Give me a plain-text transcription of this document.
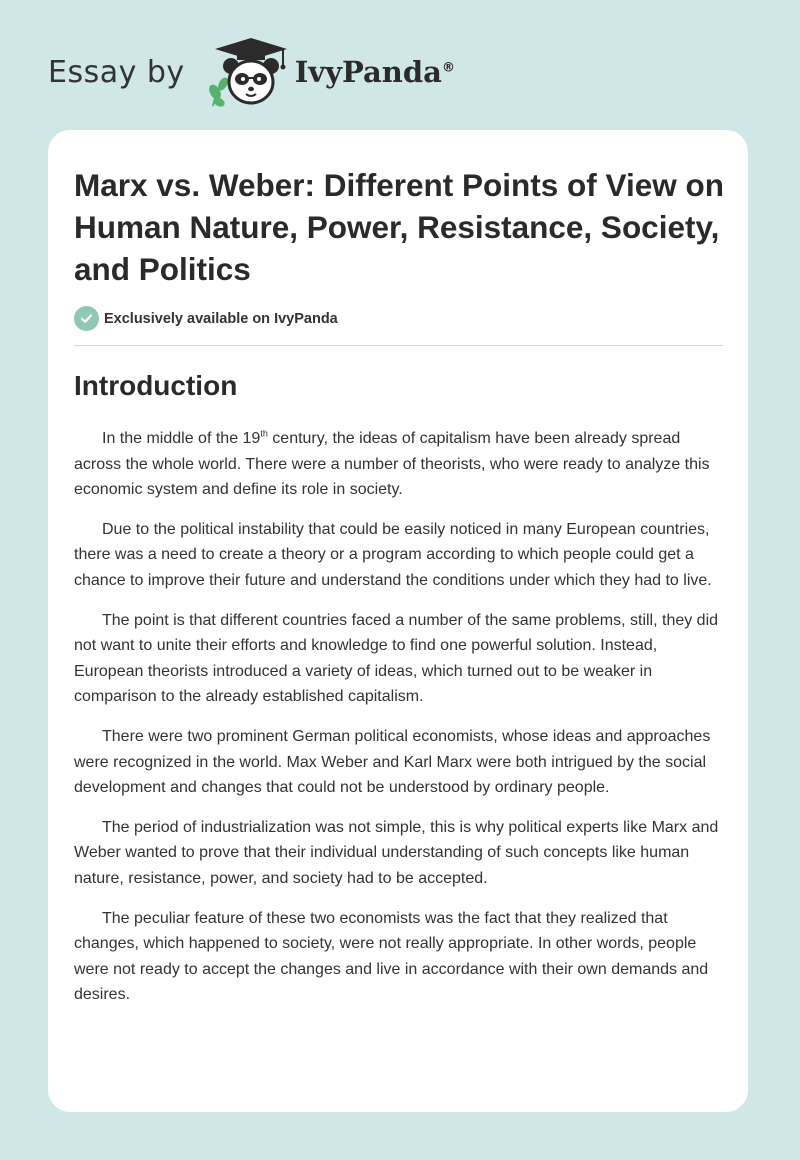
Essay by	IvyPanda®
Marx vs. Weber: Different Points of View on Human Nature, Power, Resistance, Society, and Politics
Exclusively available on IvyPanda
Introduction

In the middle of the 19th century, the ideas of capitalism have been already spread across the whole world. There were a number of theorists, who were ready to analyze this economic system and define its role in society.

Due to the political instability that could be easily noticed in many European countries, there was a need to create a theory or a program according to which people could get a chance to improve their future and understand the conditions under which they had to live.

The point is that different countries faced a number of the same problems, still, they did not want to unite their efforts and knowledge to find one powerful solution. Instead, European theorists introduced a variety of ideas, which turned out to be weaker in comparison to the already established capitalism.

There were two prominent German political economists, whose ideas and approaches were recognized in the world. Max Weber and Karl Marx were both intrigued by the social development and changes that could not be understood by ordinary people.

The period of industrialization was not simple, this is why political experts like Marx and Weber wanted to prove that their individual understanding of such concepts like human nature, resistance, power, and society had to be accepted.

The peculiar feature of these two economists was the fact that they realized that changes, which happened to society, were not really appropriate. In other words, people were not ready to accept the changes and live in accordance with their own demands and desires.
